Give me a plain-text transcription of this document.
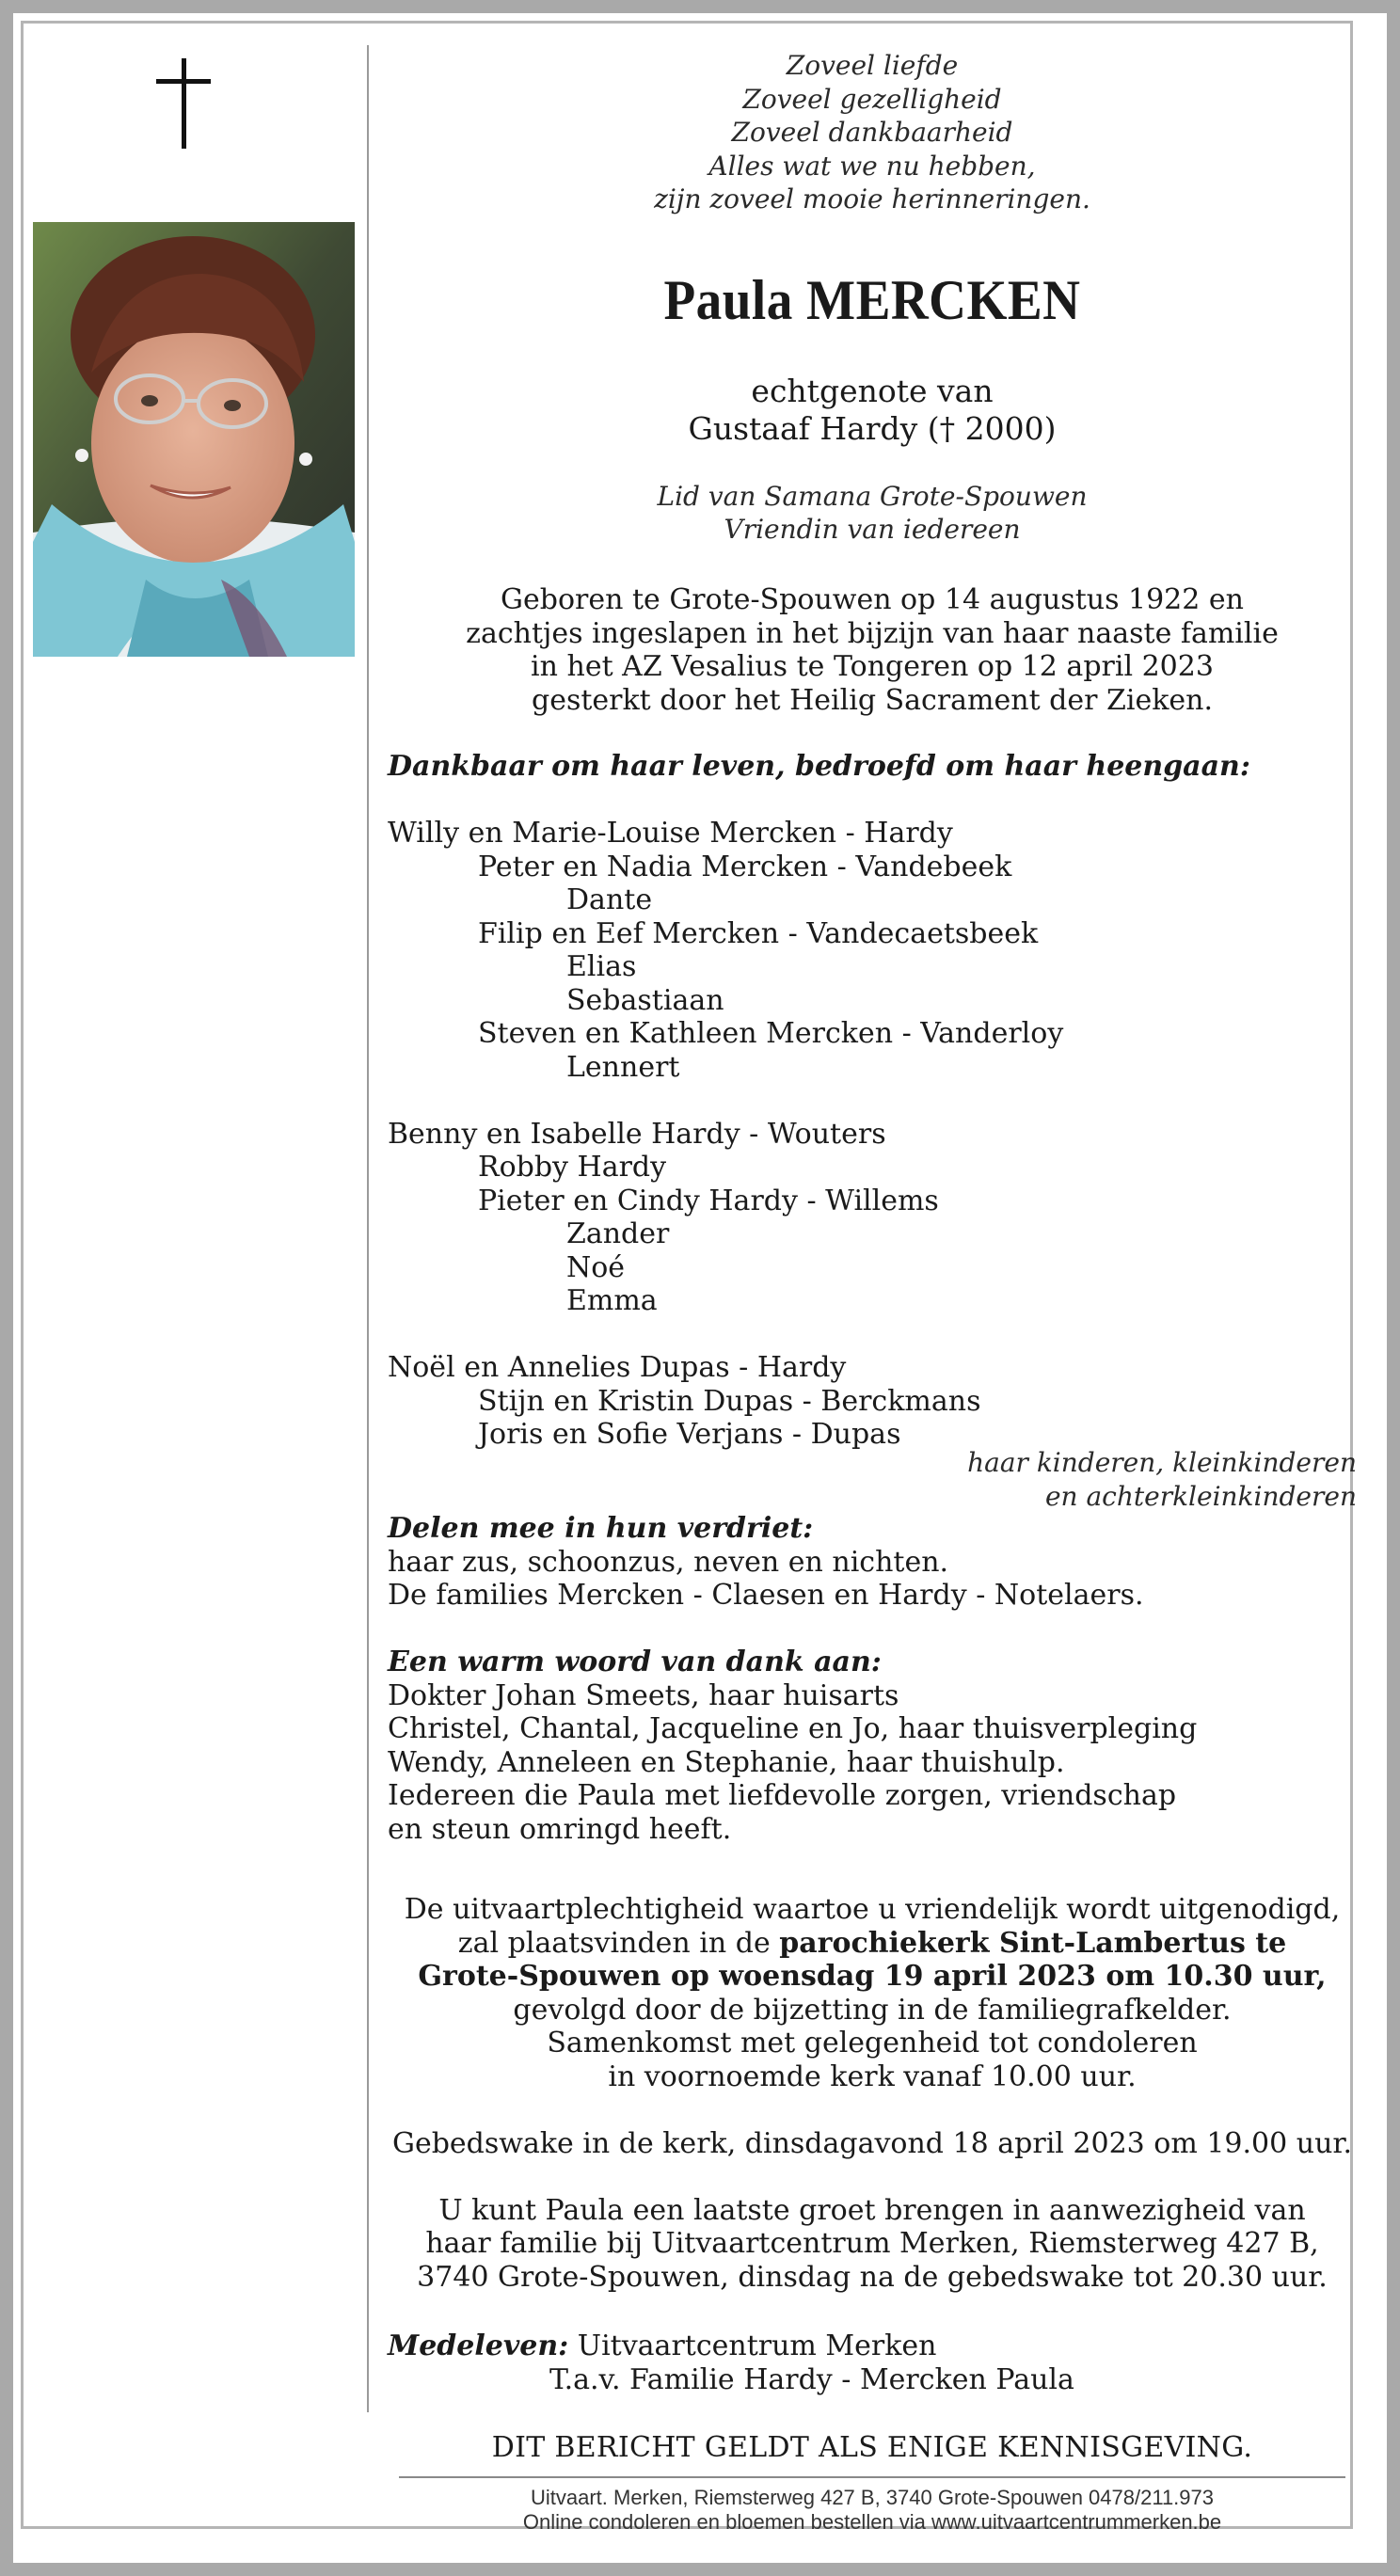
Zoveel liefde
Zoveel gezelligheid
Zoveel dankbaarheid
Alles wat we nu hebben,
zijn zoveel mooie herinneringen.
Paula MERCKEN
echtgenote van
Gustaaf Hardy († 2000)
Lid van Samana Grote-Spouwen
Vriendin van iedereen
Geboren te Grote-Spouwen op 14 augustus 1922 en
zachtjes ingeslapen in het bijzijn van haar naaste familie
in het AZ Vesalius te Tongeren op 12 april 2023
gesterkt door het Heilig Sacrament der Zieken.
Dankbaar om haar leven, bedroefd om haar heengaan:
Willy en Marie-Louise Mercken - Hardy
Peter en Nadia Mercken - Vandebeek
Dante
Filip en Eef Mercken - Vandecaetsbeek
Elias
Sebastiaan
Steven en Kathleen Mercken - Vanderloy
Lennert
Benny en Isabelle Hardy - Wouters
Robby Hardy
Pieter en Cindy Hardy - Willems
Zander
Noé
Emma
Noël en Annelies Dupas - Hardy
Stijn en Kristin Dupas - Berckmans
Joris en Sofie Verjans - Dupas
haar kinderen, kleinkinderen
en achterkleinkinderen
Delen mee in hun verdriet:
haar zus, schoonzus, neven en nichten.
De families Mercken - Claesen en Hardy - Notelaers.
Een warm woord van dank aan:
Dokter Johan Smeets, haar huisarts
Christel, Chantal, Jacqueline en Jo, haar thuisverpleging
Wendy, Anneleen en Stephanie, haar thuishulp.
Iedereen die Paula met liefdevolle zorgen, vriendschap
en steun omringd heeft.
De uitvaartplechtigheid waartoe u vriendelijk wordt uitgenodigd,
zal plaatsvinden in de parochiekerk Sint-Lambertus te
Grote-Spouwen op woensdag 19 april 2023 om 10.30 uur,
gevolgd door de bijzetting in de familiegrafkelder.
Samenkomst met gelegenheid tot condoleren
in voornoemde kerk vanaf 10.00 uur.
Gebedswake in de kerk, dinsdagavond 18 april 2023 om 19.00 uur.
U kunt Paula een laatste groet brengen in aanwezigheid van
haar familie bij Uitvaartcentrum Merken, Riemsterweg 427 B,
3740 Grote-Spouwen, dinsdag na de gebedswake tot 20.30 uur.
Medeleven: Uitvaartcentrum Merken
T.a.v. Familie Hardy - Mercken Paula
DIT BERICHT GELDT ALS ENIGE KENNISGEVING.
Uitvaart. Merken, Riemsterweg 427 B, 3740 Grote-Spouwen 0478/211.973
Online condoleren en bloemen bestellen via www.uitvaartcentrummerken.be
